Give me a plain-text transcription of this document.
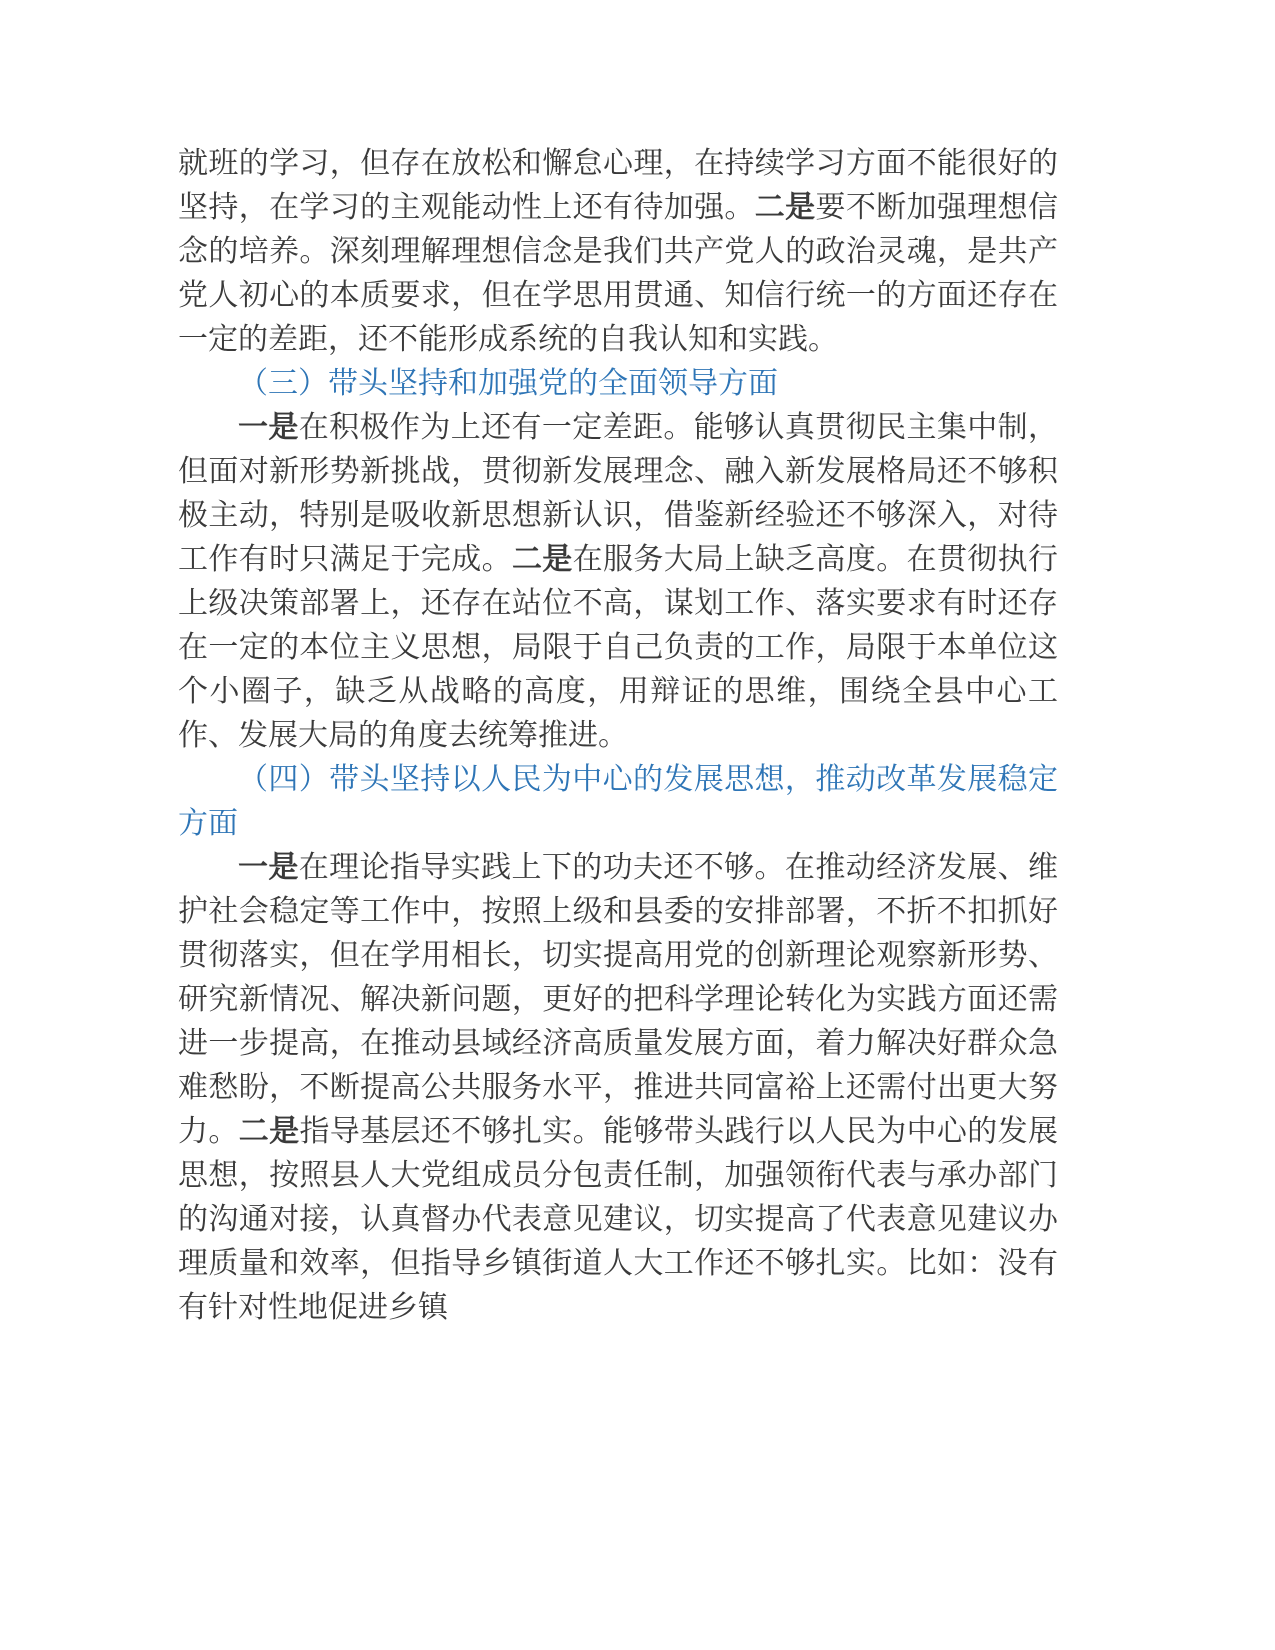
就班的学习，但存在放松和懈怠心理，在持续学习方面不能很好的坚持，在学习的主观能动性上还有待加强。二是要不断加强理想信念的培养。深刻理解理想信念是我们共产党人的政治灵魂，是共产党人初心的本质要求，但在学思用贯通、知信行统一的方面还存在一定的差距，还不能形成系统的自我认知和实践。

（三）带头坚持和加强党的全面领导方面

一是在积极作为上还有一定差距。能够认真贯彻民主集中制，但面对新形势新挑战，贯彻新发展理念、融入新发展格局还不够积极主动，特别是吸收新思想新认识，借鉴新经验还不够深入，对待工作有时只满足于完成。二是在服务大局上缺乏高度。在贯彻执行上级决策部署上，还存在站位不高，谋划工作、落实要求有时还存在一定的本位主义思想，局限于自己负责的工作，局限于本单位这个小圈子，缺乏从战略的高度，用辩证的思维，围绕全县中心工作、发展大局的角度去统筹推进。

（四）带头坚持以人民为中心的发展思想，推动改革发展稳定方面

一是在理论指导实践上下的功夫还不够。在推动经济发展、维护社会稳定等工作中，按照上级和县委的安排部署，不折不扣抓好贯彻落实，但在学用相长，切实提高用党的创新理论观察新形势、研究新情况、解决新问题，更好的把科学理论转化为实践方面还需进一步提高，在推动县域经济高质量发展方面，着力解决好群众急难愁盼，不断提高公共服务水平，推进共同富裕上还需付出更大努力。二是指导基层还不够扎实。能够带头践行以人民为中心的发展思想，按照县人大党组成员分包责任制，加强领衔代表与承办部门的沟通对接，认真督办代表意见建议，切实提高了代表意见建议办理质量和效率，但指导乡镇街道人大工作还不够扎实。比如：没有有针对性地促进乡镇
